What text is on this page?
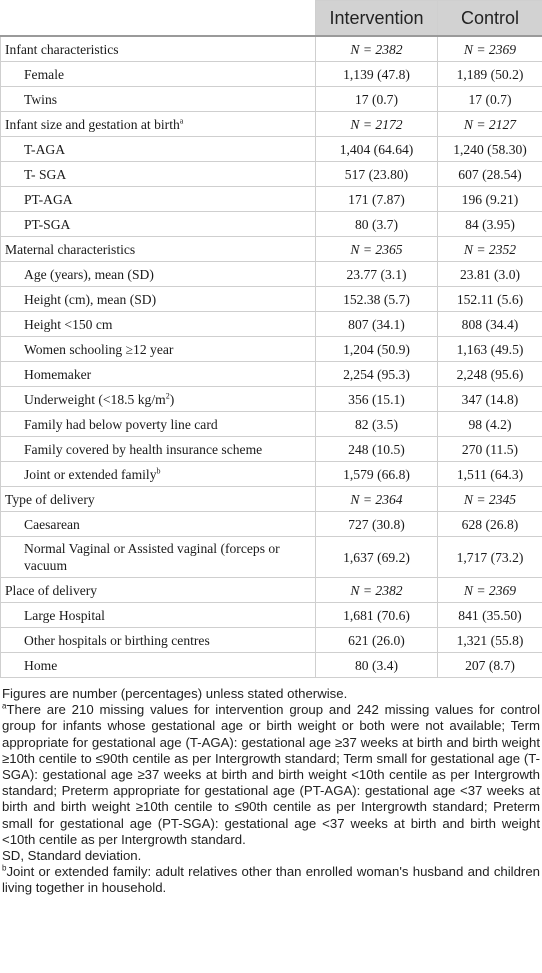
	Intervention	Control
Infant characteristics	N = 2382	N = 2369
Female	1,139 (47.8)	1,189 (50.2)
Twins	17 (0.7)	17 (0.7)
Infant size and gestation at birth$^a$	N = 2172	N = 2127
T-AGA	1,404 (64.64)	1,240 (58.30)
T- SGA	517 (23.80)	607 (28.54)
PT-AGA	171 (7.87)	196 (9.21)
PT-SGA	80 (3.7)	84 (3.95)
Maternal characteristics	N = 2365	N = 2352
Age (years), mean (SD)	23.77 (3.1)	23.81 (3.0)
Height (cm), mean (SD)	152.38 (5.7)	152.11 (5.6)
Height <150 cm	807 (34.1)	808 (34.4)
Women schooling ≥12 year	1,204 (50.9)	1,163 (49.5)
Homemaker	2,254 (95.3)	2,248 (95.6)
Underweight (<18.5 $kg/m^2$)	356 (15.1)	347 (14.8)
Family had below poverty line card	82 (3.5)	98 (4.2)
Family covered by health insurance scheme	248 (10.5)	270 (11.5)
Joint or extended family$^b$	1,579 (66.8)	1,511 (64.3)
Type of delivery	N = 2364	N = 2345
Caesarean	727 (30.8)	628 (26.8)
Normal Vaginal or Assisted vaginal (forceps or vacuum	1,637 (69.2)	1,717 (73.2)
Place of delivery	N = 2382	N = 2369
Large Hospital	1,681 (70.6)	841 (35.50)
Other hospitals or birthing centres	621 (26.0)	1,321 (55.8)
Home	80 (3.4)	207 (8.7)

Figures are number (percentages) unless stated otherwise.

$^a$There are 210 missing values for intervention group and 242 missing values for control group for infants whose gestational age or birth weight or both were not available; Term appropriate for gestational age (T-AGA): gestational age ≥37 weeks at birth and birth weight ≥10th centile to ≤90th centile as per Intergrowth standard; Term small for gestational age (T- SGA): gestational age ≥37 weeks at birth and birth weight <10th centile as per Intergrowth standard; Preterm appropriate for gestational age (PT-AGA): gestational age <37 weeks at birth and birth weight ≥10th centile to ≤90th centile as per Intergrowth standard; Preterm small for gestational age (PT-SGA): gestational age <37 weeks at birth and birth weight <10th centile as per Intergrowth standard.

SD, Standard deviation.

$^b$Joint or extended family: adult relatives other than enrolled woman's husband and children living together in household.
